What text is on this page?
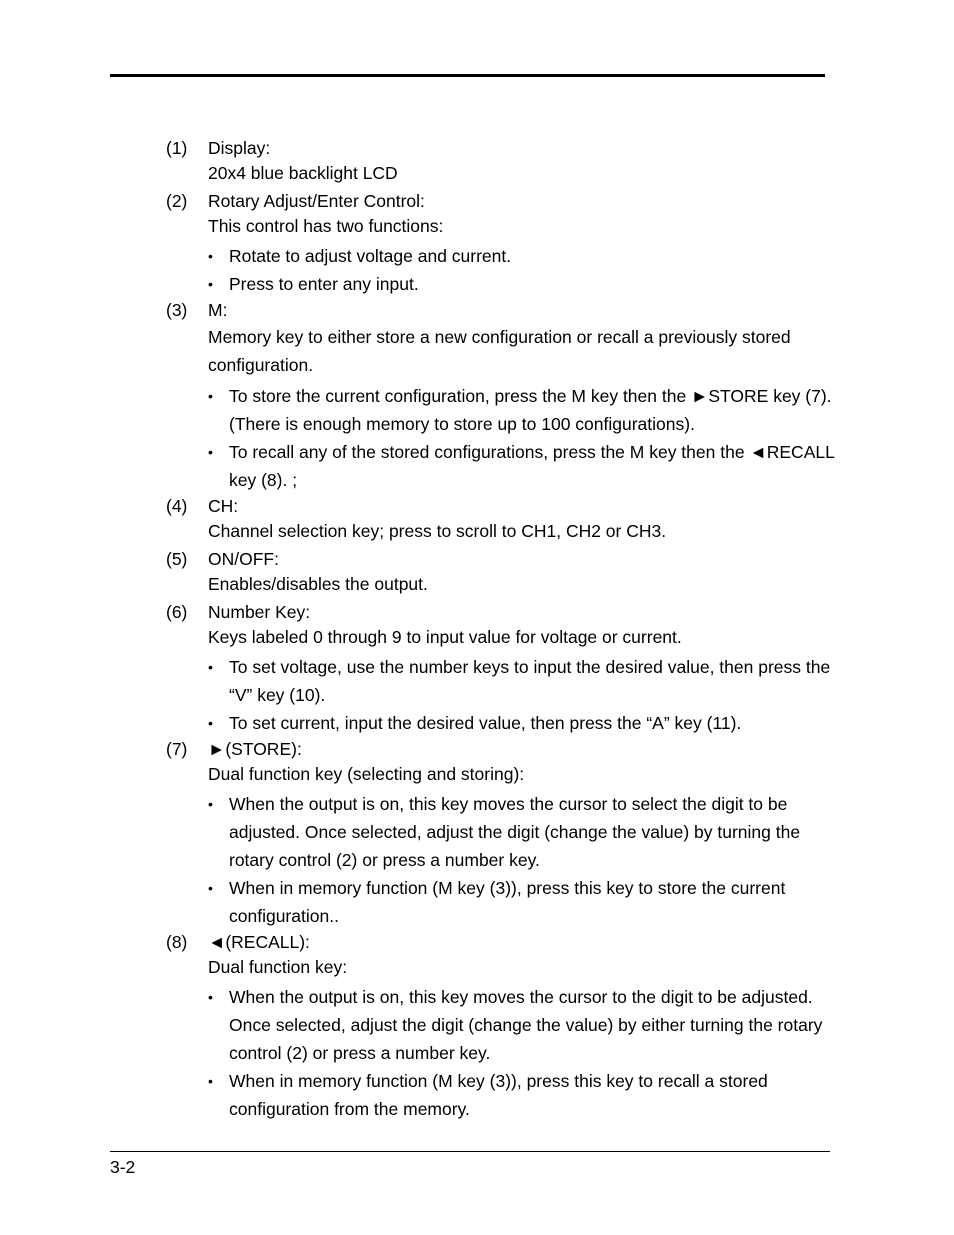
(1) Display:
20x4 blue backlight LCD
(2) Rotary Adjust/Enter Control:
This control has two functions:
• Rotate to adjust voltage and current.
• Press to enter any input.
(3) M:
Memory key to either store a new configuration or recall a previously stored configuration.
• To store the current configuration, press the M key then the ►STORE key (7). (There is enough memory to store up to 100 configurations).
• To recall any of the stored configurations, press the M key then the ◄RECALL key (8). ;
(4) CH:
Channel selection key; press to scroll to CH1, CH2 or CH3.
(5) ON/OFF:
Enables/disables the output.
(6) Number Key:
Keys labeled 0 through 9 to input value for voltage or current.
• To set voltage, use the number keys to input the desired value, then press the “V” key (10).
• To set current, input the desired value, then press the “A” key (11).
(7) ►(STORE):
Dual function key (selecting and storing):
• When the output is on, this key moves the cursor to select the digit to be adjusted. Once selected, adjust the digit (change the value) by turning the rotary control (2) or press a number key.
• When in memory function (M key (3)), press this key to store the current configuration..
(8) ◄(RECALL):
Dual function key:
• When the output is on, this key moves the cursor to the digit to be adjusted. Once selected, adjust the digit (change the value) by either turning the rotary control (2) or press a number key.
• When in memory function (M key (3)), press this key to recall a stored configuration from the memory.
3-2
